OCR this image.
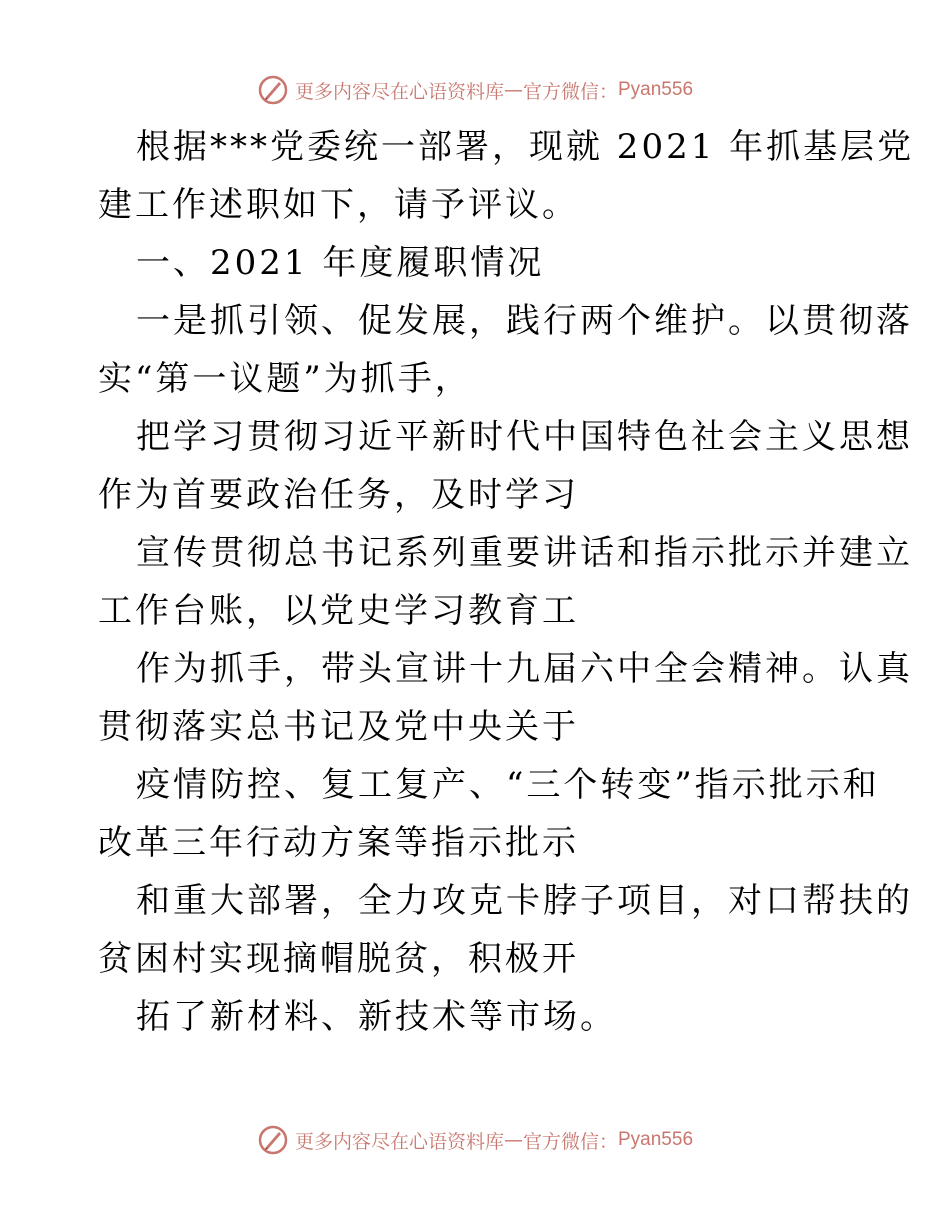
更多内容尽在心语资料库 — 官方微信： Pyan556
根据***党委统一部署，现就 2021 年抓基层党
建工作述职如下，请予评议。
一、2021 年度履职情况
一是抓引领、促发展，践行两个维护。以贯彻落
实“第一议题”为抓手，
把学习贯彻习近平新时代中国特色社会主义思想
作为首要政治任务，及时学习
宣传贯彻总书记系列重要讲话和指示批示并建立
工作台账，以党史学习教育工
作为抓手，带头宣讲十九届六中全会精神。认真
贯彻落实总书记及党中央关于
疫情防控、复工复产、“三个转变”指示批示和
改革三年行动方案等指示批示
和重大部署，全力攻克卡脖子项目，对口帮扶的
贫困村实现摘帽脱贫，积极开
拓了新材料、新技术等市场。
更多内容尽在心语资料库 — 官方微信： Pyan556
